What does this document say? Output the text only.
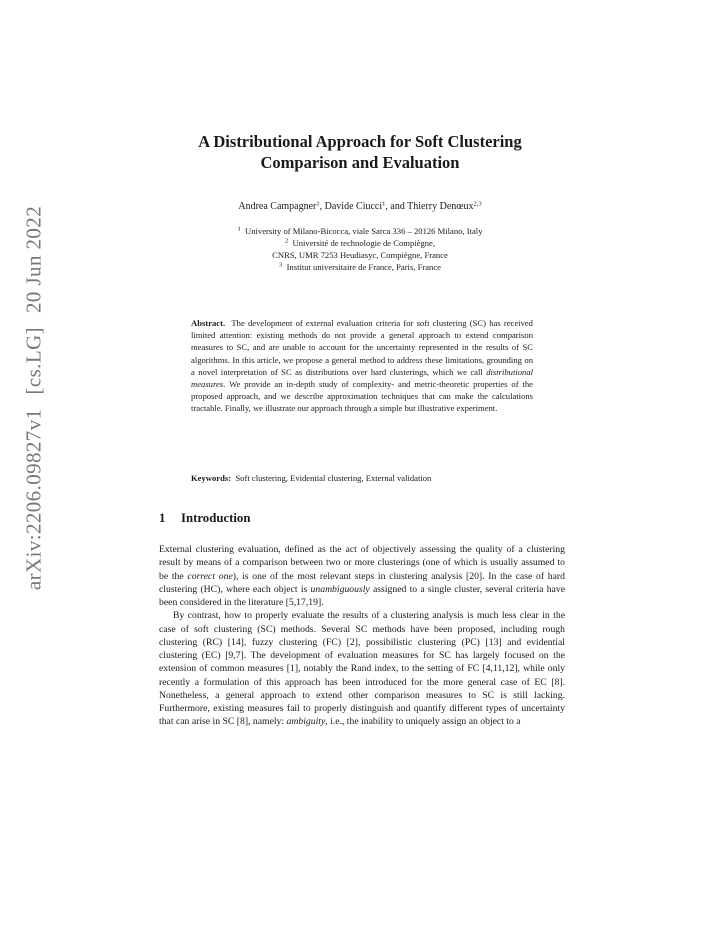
arXiv:2206.09827v1[cs.LG]20 Jun 2022
A Distributional Approach for Soft Clustering
Comparison and Evaluation
Andrea Campagner$^1$, Davide Ciucci$^1$, and Thierry Denœux$^{2,3}$
$^1$ University of Milano-Bicocca, viale Sarca 336 – 20126 Milano, Italy
$^2$ Université de technologie de Compiègne,
CNRS, UMR 7253 Heudiasyc, Compiègne, France
$^3$ Institut universitaire de France, Paris, France

Abstract. The development of external evaluation criteria for soft clustering (SC) has received limited attention: existing methods do not provide a general approach to extend comparison measures to SC, and are unable to account for the uncertainty represented in the results of SC algorithms. In this article, we propose a general method to address these limitations, grounding on a novel interpretation of SC as distributions over hard clusterings, which we call distributional measures. We provide an in-depth study of complexity- and metric-theoretic properties of the proposed approach, and we describe approximation techniques that can make the calculations tractable. Finally, we illustrate our approach through a simple but illustrative experiment.

Keywords: Soft clustering, Evidential clustering, External validation
1 Introduction

External clustering evaluation, defined as the act of objectively assessing the quality of a clustering result by means of a comparison between two or more clusterings (one of which is usually assumed to be the correct one), is one of the most relevant steps in clustering analysis [20]. In the case of hard clustering (HC), where each object is unambiguously assigned to a single cluster, several criteria have been considered in the literature [5,17,19].

By contrast, how to properly evaluate the results of a clustering analysis is much less clear in the case of soft clustering (SC) methods. Several SC methods have been proposed, including rough clustering (RC) [14], fuzzy clustering (FC) [2], possibilistic clustering (PC) [13] and evidential clustering (EC) [9,7]. The development of evaluation measures for SC has largely focused on the extension of common measures [1], notably the Rand index, to the setting of FC [4,11,12], while only recently a formulation of this approach has been introduced for the more general case of EC [8]. Nonetheless, a general approach to extend other comparison measures to SC is still lacking. Furthermore, existing measures fail to properly distinguish and quantify different types of uncertainty that can arise in SC [8], namely: ambiguity, i.e., the inability to uniquely assign an object to a
